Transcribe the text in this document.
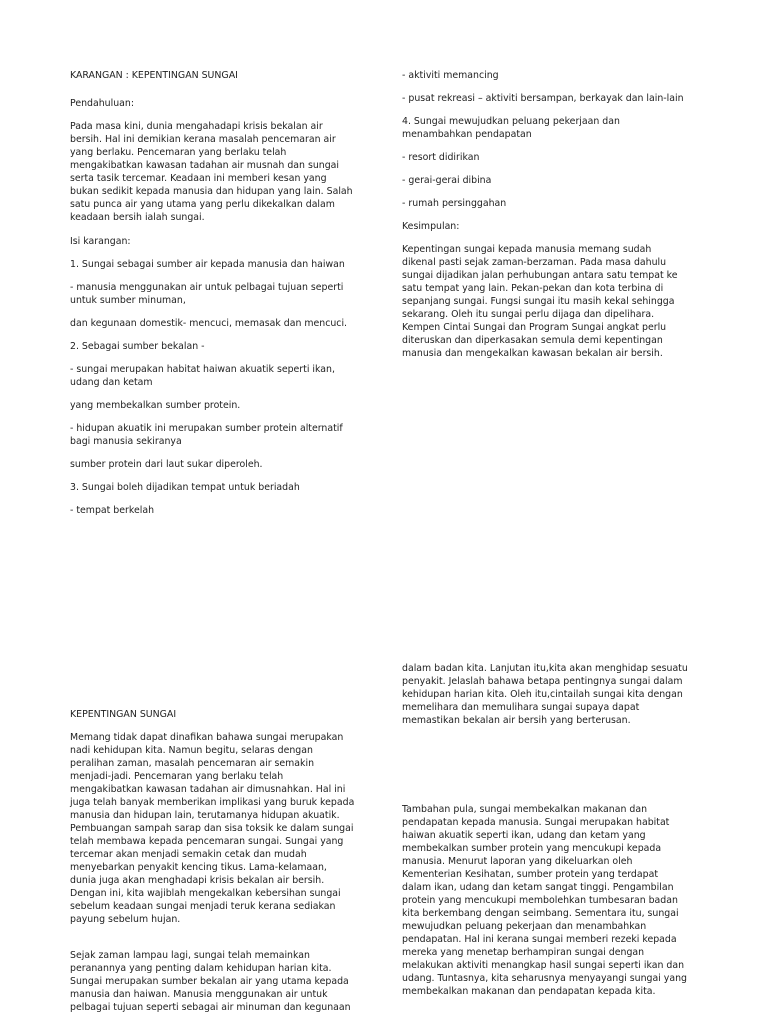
KARANGAN : KEPENTINGAN SUNGAI

Pendahuluan:

Pada masa kini, dunia mengahadapi krisis bekalan air
bersih. Hal ini demikian kerana masalah pencemaran air
yang berlaku. Pencemaran yang berlaku telah
mengakibatkan kawasan tadahan air musnah dan sungai
serta tasik tercemar. Keadaan ini memberi kesan yang
bukan sedikit kepada manusia dan hidupan yang lain. Salah
satu punca air yang utama yang perlu dikekalkan dalam
keadaan bersih ialah sungai.

Isi karangan:

1. Sungai sebagai sumber air kepada manusia dan haiwan

- manusia menggunakan air untuk pelbagai tujuan seperti
untuk sumber minuman,

dan kegunaan domestik- mencuci, memasak dan mencuci.

2. Sebagai sumber bekalan -

- sungai merupakan habitat haiwan akuatik seperti ikan,
udang dan ketam

yang membekalkan sumber protein.

- hidupan akuatik ini merupakan sumber protein alternatif
bagi manusia sekiranya

sumber protein dari laut sukar diperoleh.

3. Sungai boleh dijadikan tempat untuk beriadah

- tempat berkelah

- aktiviti memancing

- pusat rekreasi – aktiviti bersampan, berkayak dan lain-lain

4. Sungai mewujudkan peluang pekerjaan dan
menambahkan pendapatan

- resort didirikan

- gerai-gerai dibina

- rumah persinggahan

Kesimpulan:

Kepentingan sungai kepada manusia memang sudah
dikenal pasti sejak zaman-berzaman. Pada masa dahulu
sungai dijadikan jalan perhubungan antara satu tempat ke
satu tempat yang lain. Pekan-pekan dan kota terbina di
sepanjang sungai. Fungsi sungai itu masih kekal sehingga
sekarang. Oleh itu sungai perlu dijaga dan dipelihara.
Kempen Cintai Sungai dan Program Sungai angkat perlu
diteruskan dan diperkasakan semula demi kepentingan
manusia dan mengekalkan kawasan bekalan air bersih.

KEPENTINGAN SUNGAI

Memang tidak dapat dinafikan bahawa sungai merupakan
nadi kehidupan kita. Namun begitu, selaras dengan
peralihan zaman, masalah pencemaran air semakin
menjadi-jadi. Pencemaran yang berlaku telah
mengakibatkan kawasan tadahan air dimusnahkan. Hal ini
juga telah banyak memberikan implikasi yang buruk kepada
manusia dan hidupan lain, terutamanya hidupan akuatik.
Pembuangan sampah sarap dan sisa toksik ke dalam sungai
telah membawa kepada pencemaran sungai. Sungai yang
tercemar akan menjadi semakin cetak dan mudah
menyebarkan penyakit kencing tikus. Lama-kelamaan,
dunia juga akan menghadapi krisis bekalan air bersih.
Dengan ini, kita wajiblah mengekalkan kebersihan sungai
sebelum keadaan sungai menjadi teruk kerana sediakan
payung sebelum hujan.

Sejak zaman lampau lagi, sungai telah memainkan
peranannya yang penting dalam kehidupan harian kita.
Sungai merupakan sumber bekalan air yang utama kepada
manusia dan haiwan. Manusia menggunakan air untuk
pelbagai tujuan seperti sebagai air minuman dan kegunaan

dalam badan kita. Lanjutan itu,kita akan menghidap sesuatu
penyakit. Jelaslah bahawa betapa pentingnya sungai dalam
kehidupan harian kita. Oleh itu,cintailah sungai kita dengan
memelihara dan memulihara sungai supaya dapat
memastikan bekalan air bersih yang berterusan.

Tambahan pula, sungai membekalkan makanan dan
pendapatan kepada manusia. Sungai merupakan habitat
haiwan akuatik seperti ikan, udang dan ketam yang
membekalkan sumber protein yang mencukupi kepada
manusia. Menurut laporan yang dikeluarkan oleh
Kementerian Kesihatan, sumber protein yang terdapat
dalam ikan, udang dan ketam sangat tinggi. Pengambilan
protein yang mencukupi membolehkan tumbesaran badan
kita berkembang dengan seimbang. Sementara itu, sungai
mewujudkan peluang pekerjaan dan menambahkan
pendapatan. Hal ini kerana sungai memberi rezeki kepada
mereka yang menetap berhampiran sungai dengan
melakukan aktiviti menangkap hasil sungai seperti ikan dan
udang. Tuntasnya, kita seharusnya menyayangi sungai yang
membekalkan makanan dan pendapatan kepada kita.
